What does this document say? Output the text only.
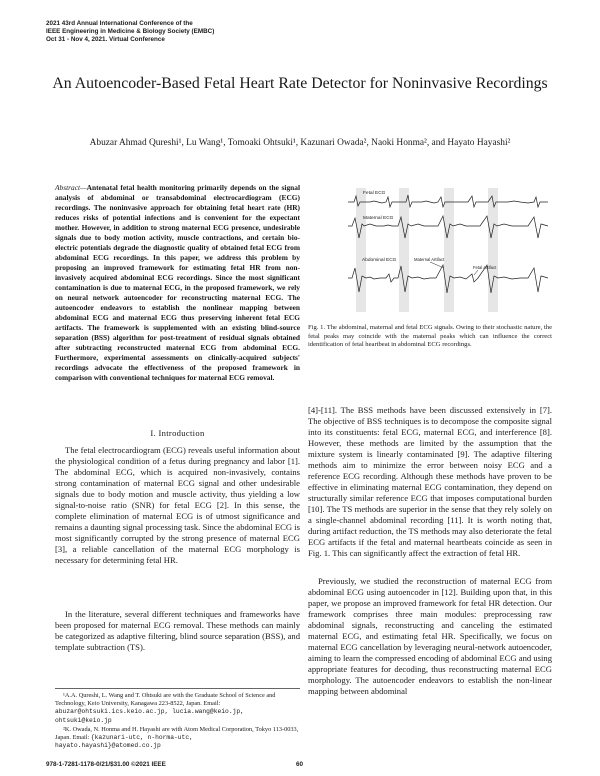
2021 43rd Annual International Conference of the
IEEE Engineering in Medicine & Biology Society (EMBC)
Oct 31 - Nov 4, 2021. Virtual Conference
An Autoencoder-Based Fetal Heart Rate Detector for Noninvasive Recordings
Abuzar Ahmad Qureshi¹, Lu Wang¹, Tomoaki Ohtsuki¹, Kazunari Owada², Naoki Honma², and Hayato Hayashi²
Abstract—Antenatal fetal health monitoring primarily depends on the signal analysis of abdominal or transabdominal electrocardiogram (ECG) recordings. The noninvasive approach for obtaining fetal heart rate (HR) reduces risks of potential infections and is convenient for the expectant mother. However, in addition to strong maternal ECG presence, undesirable signals due to body motion activity, muscle contractions, and certain bio-electric potentials degrade the diagnostic quality of obtained fetal ECG from abdominal ECG recordings. In this paper, we address this problem by proposing an improved framework for estimating fetal HR from non-invasively acquired abdominal ECG recordings. Since the most significant contamination is due to maternal ECG, in the proposed framework, we rely on neural network autoencoder for reconstructing maternal ECG. The autoencoder endeavors to establish the nonlinear mapping between abdominal ECG and maternal ECG thus preserving inherent fetal ECG artifacts. The framework is supplemented with an existing blind-source separation (BSS) algorithm for post-treatment of residual signals obtained after subtracting reconstructed maternal ECG from abdominal ECG. Furthermore, experimental assessments on clinically-acquired subjects' recordings advocate the effectiveness of the proposed framework in comparison with conventional techniques for maternal ECG removal.
I. Introduction

The fetal electrocardiogram (ECG) reveals useful information about the physiological condition of a fetus during pregnancy and labor [1]. The abdominal ECG, which is acquired non-invasively, contains strong contamination of maternal ECG signal and other undesirable signals due to body motion and muscle activity, thus yielding a low signal-to-noise ratio (SNR) for fetal ECG [2]. In this sense, the complete elimination of maternal ECG is of utmost significance and remains a daunting signal processing task. Since the abdominal ECG is most significantly corrupted by the strong presence of maternal ECG [3], a reliable cancellation of the maternal ECG morphology is necessary for determining fetal HR.

In the literature, several different techniques and frameworks have been proposed for maternal ECG removal. These methods can mainly be categorized as adaptive filtering, blind source separation (BSS), and template subtraction (TS).

¹A.A. Qureshi, L. Wang and T. Ohtsuki are with the Graduate School of Science and Technology, Keio University, Kanagawa 223-8522, Japan. Email: abuzar@ohtsuki.ics.keio.ac.jp, lucia.wang@keio.jp, ohtsuki@keio.jp

²K. Owada, N. Honma and H. Hayashi are with Atom Medical Corporation, Tokyo 113-0033, Japan. Email: {kazunari-utc, n-horma-utc, hayato.hayashi}@atomed.co.jp

Fetal ECG
Maternal ECG
Abdominal ECG	Maternal Artifact
Fetal Artifact

Fig. 1. The abdominal, maternal and fetal ECG signals. Owing to their stochastic nature, the fetal peaks may coincide with the maternal peaks which can influence the correct identification of fetal heartbeat in abdominal ECG recordings.

[4]-[11]. The BSS methods have been discussed extensively in [7]. The objective of BSS techniques is to decompose the composite signal into its constituents: fetal ECG, maternal ECG, and interference [8]. However, these methods are limited by the assumption that the mixture system is linearly contaminated [9]. The adaptive filtering methods aim to minimize the error between noisy ECG and a reference ECG recording. Although these methods have proven to be effective in eliminating maternal ECG contamination, they depend on structurally similar reference ECG that imposes computational burden [10]. The TS methods are superior in the sense that they rely solely on a single-channel abdominal recording [11]. It is worth noting that, during artifact reduction, the TS methods may also deteriorate the fetal ECG artifacts if the fetal and maternal heartbeats coincide as seen in Fig. 1. This can significantly affect the extraction of fetal HR.

Previously, we studied the reconstruction of maternal ECG from abdominal ECG using autoencoder in [12]. Building upon that, in this paper, we propose an improved framework for fetal HR detection. Our framework comprises three main modules: preprocessing raw abdominal signals, reconstructing and canceling the estimated maternal ECG, and estimating fetal HR. Specifically, we focus on maternal ECG cancellation by leveraging neural-network autoencoder, aiming to learn the compressed encoding of abdominal ECG and using appropriate features for decoding, thus reconstructing maternal ECG morphology. The autoencoder endeavors to establish the non-linear mapping between abdominal

978-1-7281-1178-0/21/$31.00 ©2021 IEEE	60
